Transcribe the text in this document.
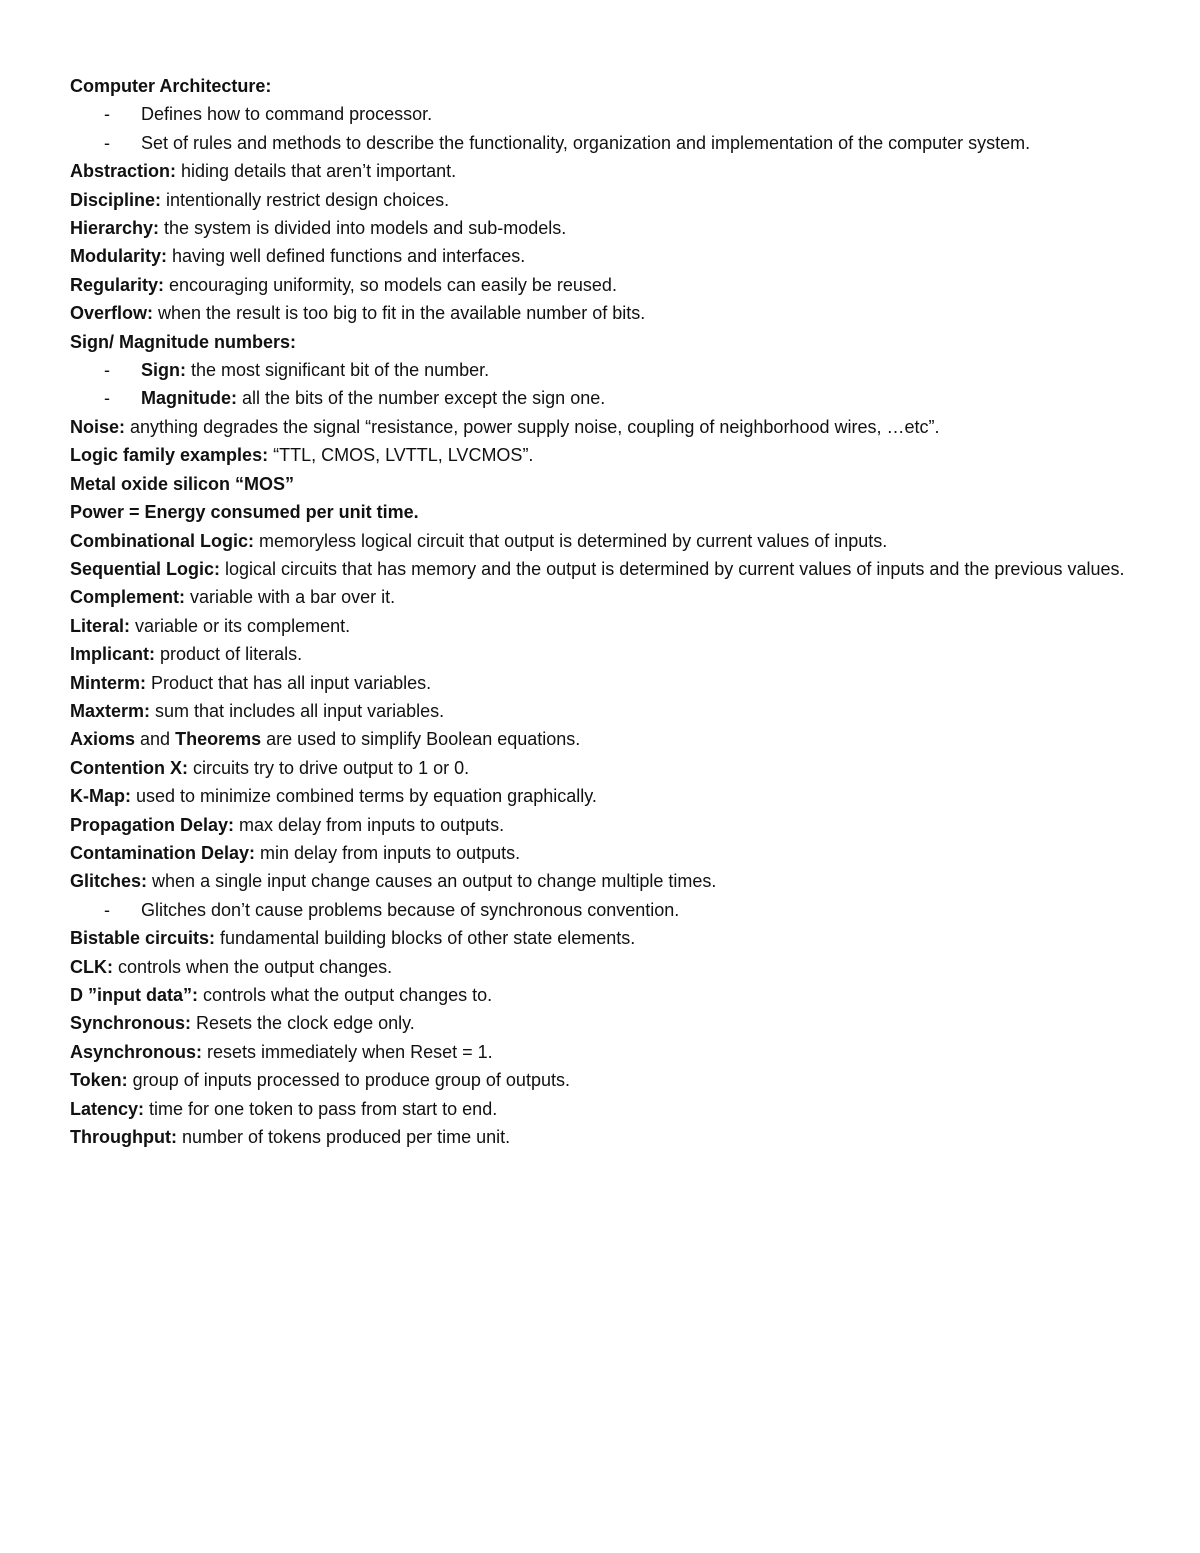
Computer Architecture:
- Defines how to command processor.
- Set of rules and methods to describe the functionality, organization and implementation of the computer system.
Abstraction: hiding details that aren’t important.
Discipline: intentionally restrict design choices.
Hierarchy: the system is divided into models and sub-models.
Modularity: having well defined functions and interfaces.
Regularity: encouraging uniformity, so models can easily be reused.
Overflow: when the result is too big to fit in the available number of bits.
Sign/ Magnitude numbers:
- Sign: the most significant bit of the number.
- Magnitude: all the bits of the number except the sign one.
Noise: anything degrades the signal “resistance, power supply noise, coupling of neighborhood wires, …etc”.
Logic family examples: “TTL, CMOS, LVTTL, LVCMOS”.
Metal oxide silicon “MOS”
Power = Energy consumed per unit time.
Combinational Logic: memoryless logical circuit that output is determined by current values of inputs.
Sequential Logic: logical circuits that has memory and the output is determined by current values of inputs and the previous values.
Complement: variable with a bar over it.
Literal: variable or its complement.
Implicant: product of literals.
Minterm: Product that has all input variables.
Maxterm: sum that includes all input variables.
Axioms and Theorems are used to simplify Boolean equations.
Contention X: circuits try to drive output to 1 or 0.
K-Map: used to minimize combined terms by equation graphically.
Propagation Delay: max delay from inputs to outputs.
Contamination Delay: min delay from inputs to outputs.
Glitches: when a single input change causes an output to change multiple times.
- Glitches don’t cause problems because of synchronous convention.
Bistable circuits: fundamental building blocks of other state elements.
CLK: controls when the output changes.
D ”input data”: controls what the output changes to.
Synchronous: Resets the clock edge only.
Asynchronous: resets immediately when Reset = 1.
Token: group of inputs processed to produce group of outputs.
Latency: time for one token to pass from start to end.
Throughput: number of tokens produced per time unit.
